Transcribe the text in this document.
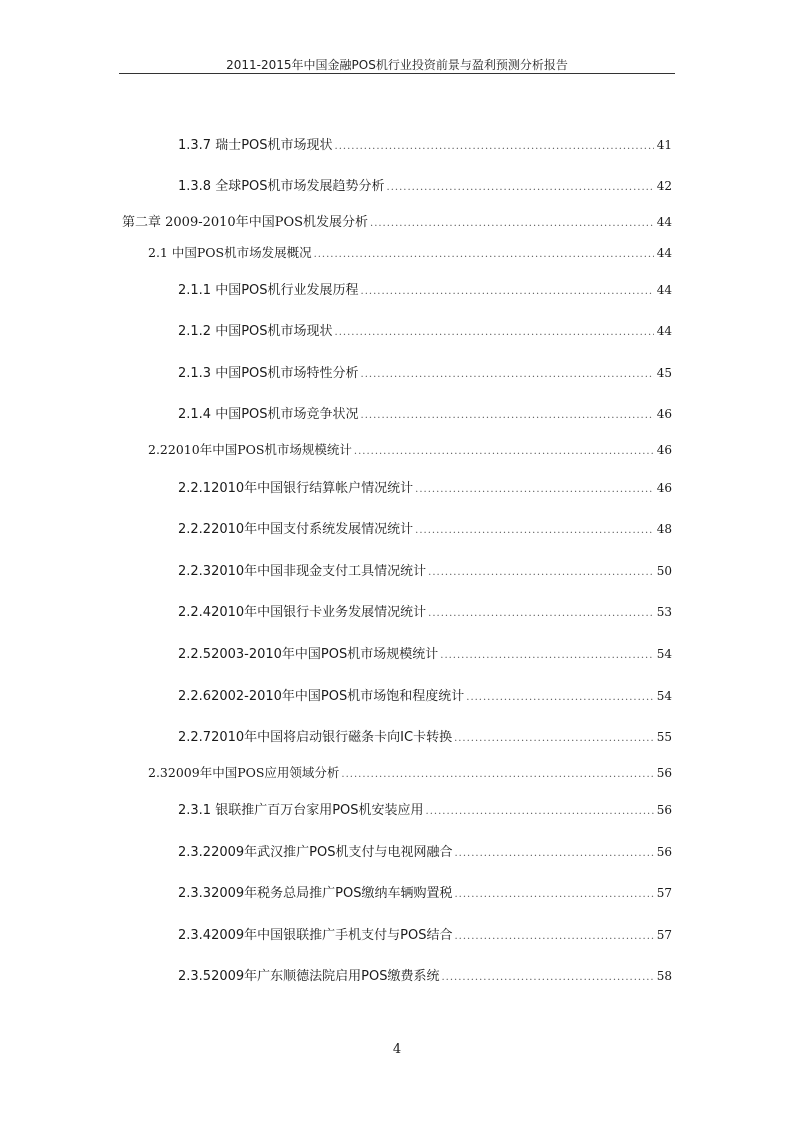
2011-2015年中国金融POS机行业投资前景与盈利预测分析报告
1.3.7 瑞士POS机市场现状 .....	41
1.3.8 全球POS机市场发展趋势分析 .....	42
第二章 2009-2010年中国POS机发展分析 .....	44
2.1 中国POS机市场发展概况 .....	44
2.1.1 中国POS机行业发展历程 .....	44
2.1.2 中国POS机市场现状 .....	44
2.1.3 中国POS机市场特性分析 .....	45
2.1.4 中国POS机市场竞争状况 .....	46
2.22010年中国POS机市场规模统计 .....	46
2.2.12010年中国银行结算帐户情况统计 .....	46
2.2.22010年中国支付系统发展情况统计 .....	48
2.2.32010年中国非现金支付工具情况统计 .....	50
2.2.42010年中国银行卡业务发展情况统计 .....	53
2.2.52003-2010年中国POS机市场规模统计 .....	54
2.2.62002-2010年中国POS机市场饱和程度统计 .....	54
2.2.72010年中国将启动银行磁条卡向IC卡转换 .....	55
2.32009年中国POS应用领域分析 .....	56
2.3.1 银联推广百万台家用POS机安装应用 .....	56
2.3.22009年武汉推广POS机支付与电视网融合 .....	56
2.3.32009年税务总局推广POS缴纳车辆购置税 .....	57
2.3.42009年中国银联推广手机支付与POS结合 .....	57
2.3.52009年广东顺德法院启用POS缴费系统 .....	58
4
